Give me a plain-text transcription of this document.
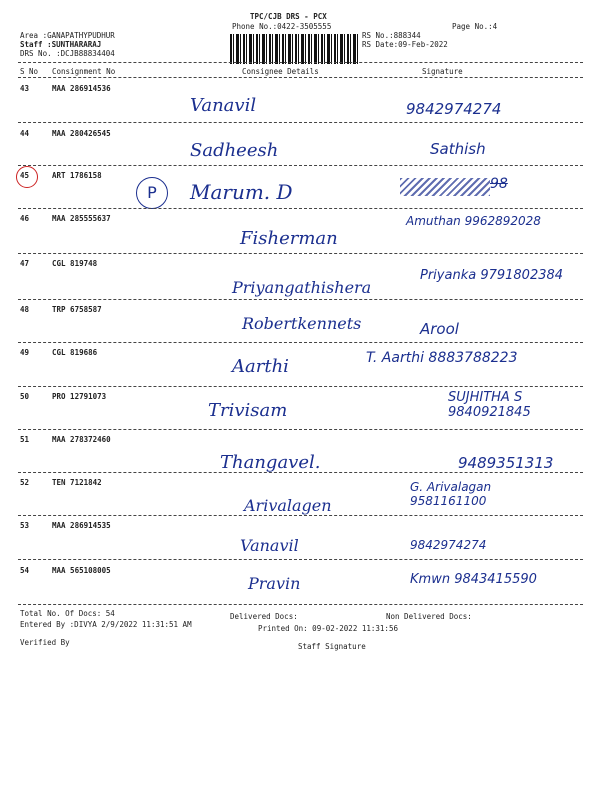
TPC/CJB DRS - PCX
Phone No.:0422-3505555	Page No.:4
Area :GANAPATHYPUDHUR
Staff :SUNTHARARAJ
DRS No. :DCJB88834404
RS No.:888344
RS Date:09-Feb-2022
S No Consignment No	Consignee Details	Signature
43	MAA 286914536
Vanavil	9842974274
44	MAA 280426545
Sadheesh	Sathish
45	ART 1786158
P	Marum. D	98
46	MAA 285555637
Fisherman
Amuthan 9962892028
47	CGL 819748
Priyangathishera
Priyanka 9791802384
48	TRP 6758587
Robertkennets	Arool
49	CGL 819686
Aarthi	T. Aarthi 8883788223
50	PRO 12791073
Trivisam
SUJHITHA S 9840921845
51	MAA 278372460
Thangavel.	9489351313
52	TEN 7121842
Arivalagen
G. Arivalagan 9581161100
53	MAA 286914535
Vanavil	9842974274
54	MAA 565108005
Pravin	Kmwn 9843415590
Total No. Of Docs: 54	Delivered Docs:	Non Delivered Docs:
Entered By :DIVYA 2/9/2022 11:31:51 AM	Printed On: 09-02-2022 11:31:56
Verified By	Staff Signature
